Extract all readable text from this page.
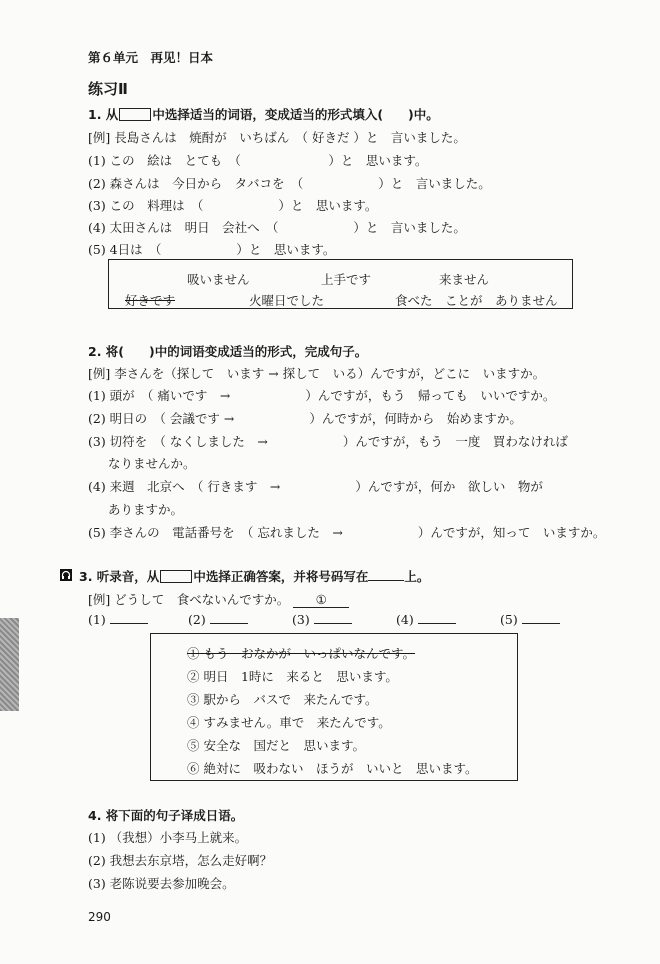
第６单元　再见！日本
练习Ⅱ
1. 从	中选择适当的词语，变成适当的形式填入(　　)中。
[例] 長島さんは　焼酎が　いちばん　（ 好きだ ）と　言いました。
(1) この　絵は　とても　（　　　　　　　）と　思います。
(2) 森さんは　今日から　タバコを　（　　　　　　）と　言いました。
(3) この　料理は　（　　　　　　）と　思います。
(4) 太田さんは　明日　会社へ　（　　　　　　）と　言いました。
(5) 4日は　（　　　　　　）と　思います。
吸いません	上手です	来ません
好きです	火曜日でした	食べた　ことが　ありません
2. 将(　　)中的词语变成适当的形式，完成句子。
[例] 李さんを（探して　います → 探して　いる）んですが，どこに　いますか。
(1) 頭が　（ 痛いです　→　　　　　　）んですが，もう　帰っても　いいですか。
(2) 明日の　（ 会議です →　　　　　　）んですが，何時から　始めますか。
(3) 切符を　（ なくしました　→　　　　　　）んですが，もう　一度　買わなければ
なりませんか。
(4) 来週　北京へ　（ 行きます　→　　　　　　）んですが，何か　欲しい　物が
ありますか。
(5) 李さんの　電話番号を　（ 忘れました　→　　　　　　）んですが，知って　いますか。
3. 听录音，从	中选择正确答案，并将号码写在	上。
[例] どうして　食べないんですか。 ①
(1)	(2)	(3)	(4)	(5)
① もう　おなかが　いっぱいなんです。
② 明日　1時に　来ると　思います。
③ 駅から　バスで　来たんです。
④ すみません。車で　来たんです。
⑤ 安全な　国だと　思います。
⑥ 絶対に　吸わない　ほうが　いいと　思います。
4. 将下面的句子译成日语。
(1) （我想）小李马上就来。
(2) 我想去东京塔，怎么走好啊？
(3) 老陈说要去参加晚会。
290
